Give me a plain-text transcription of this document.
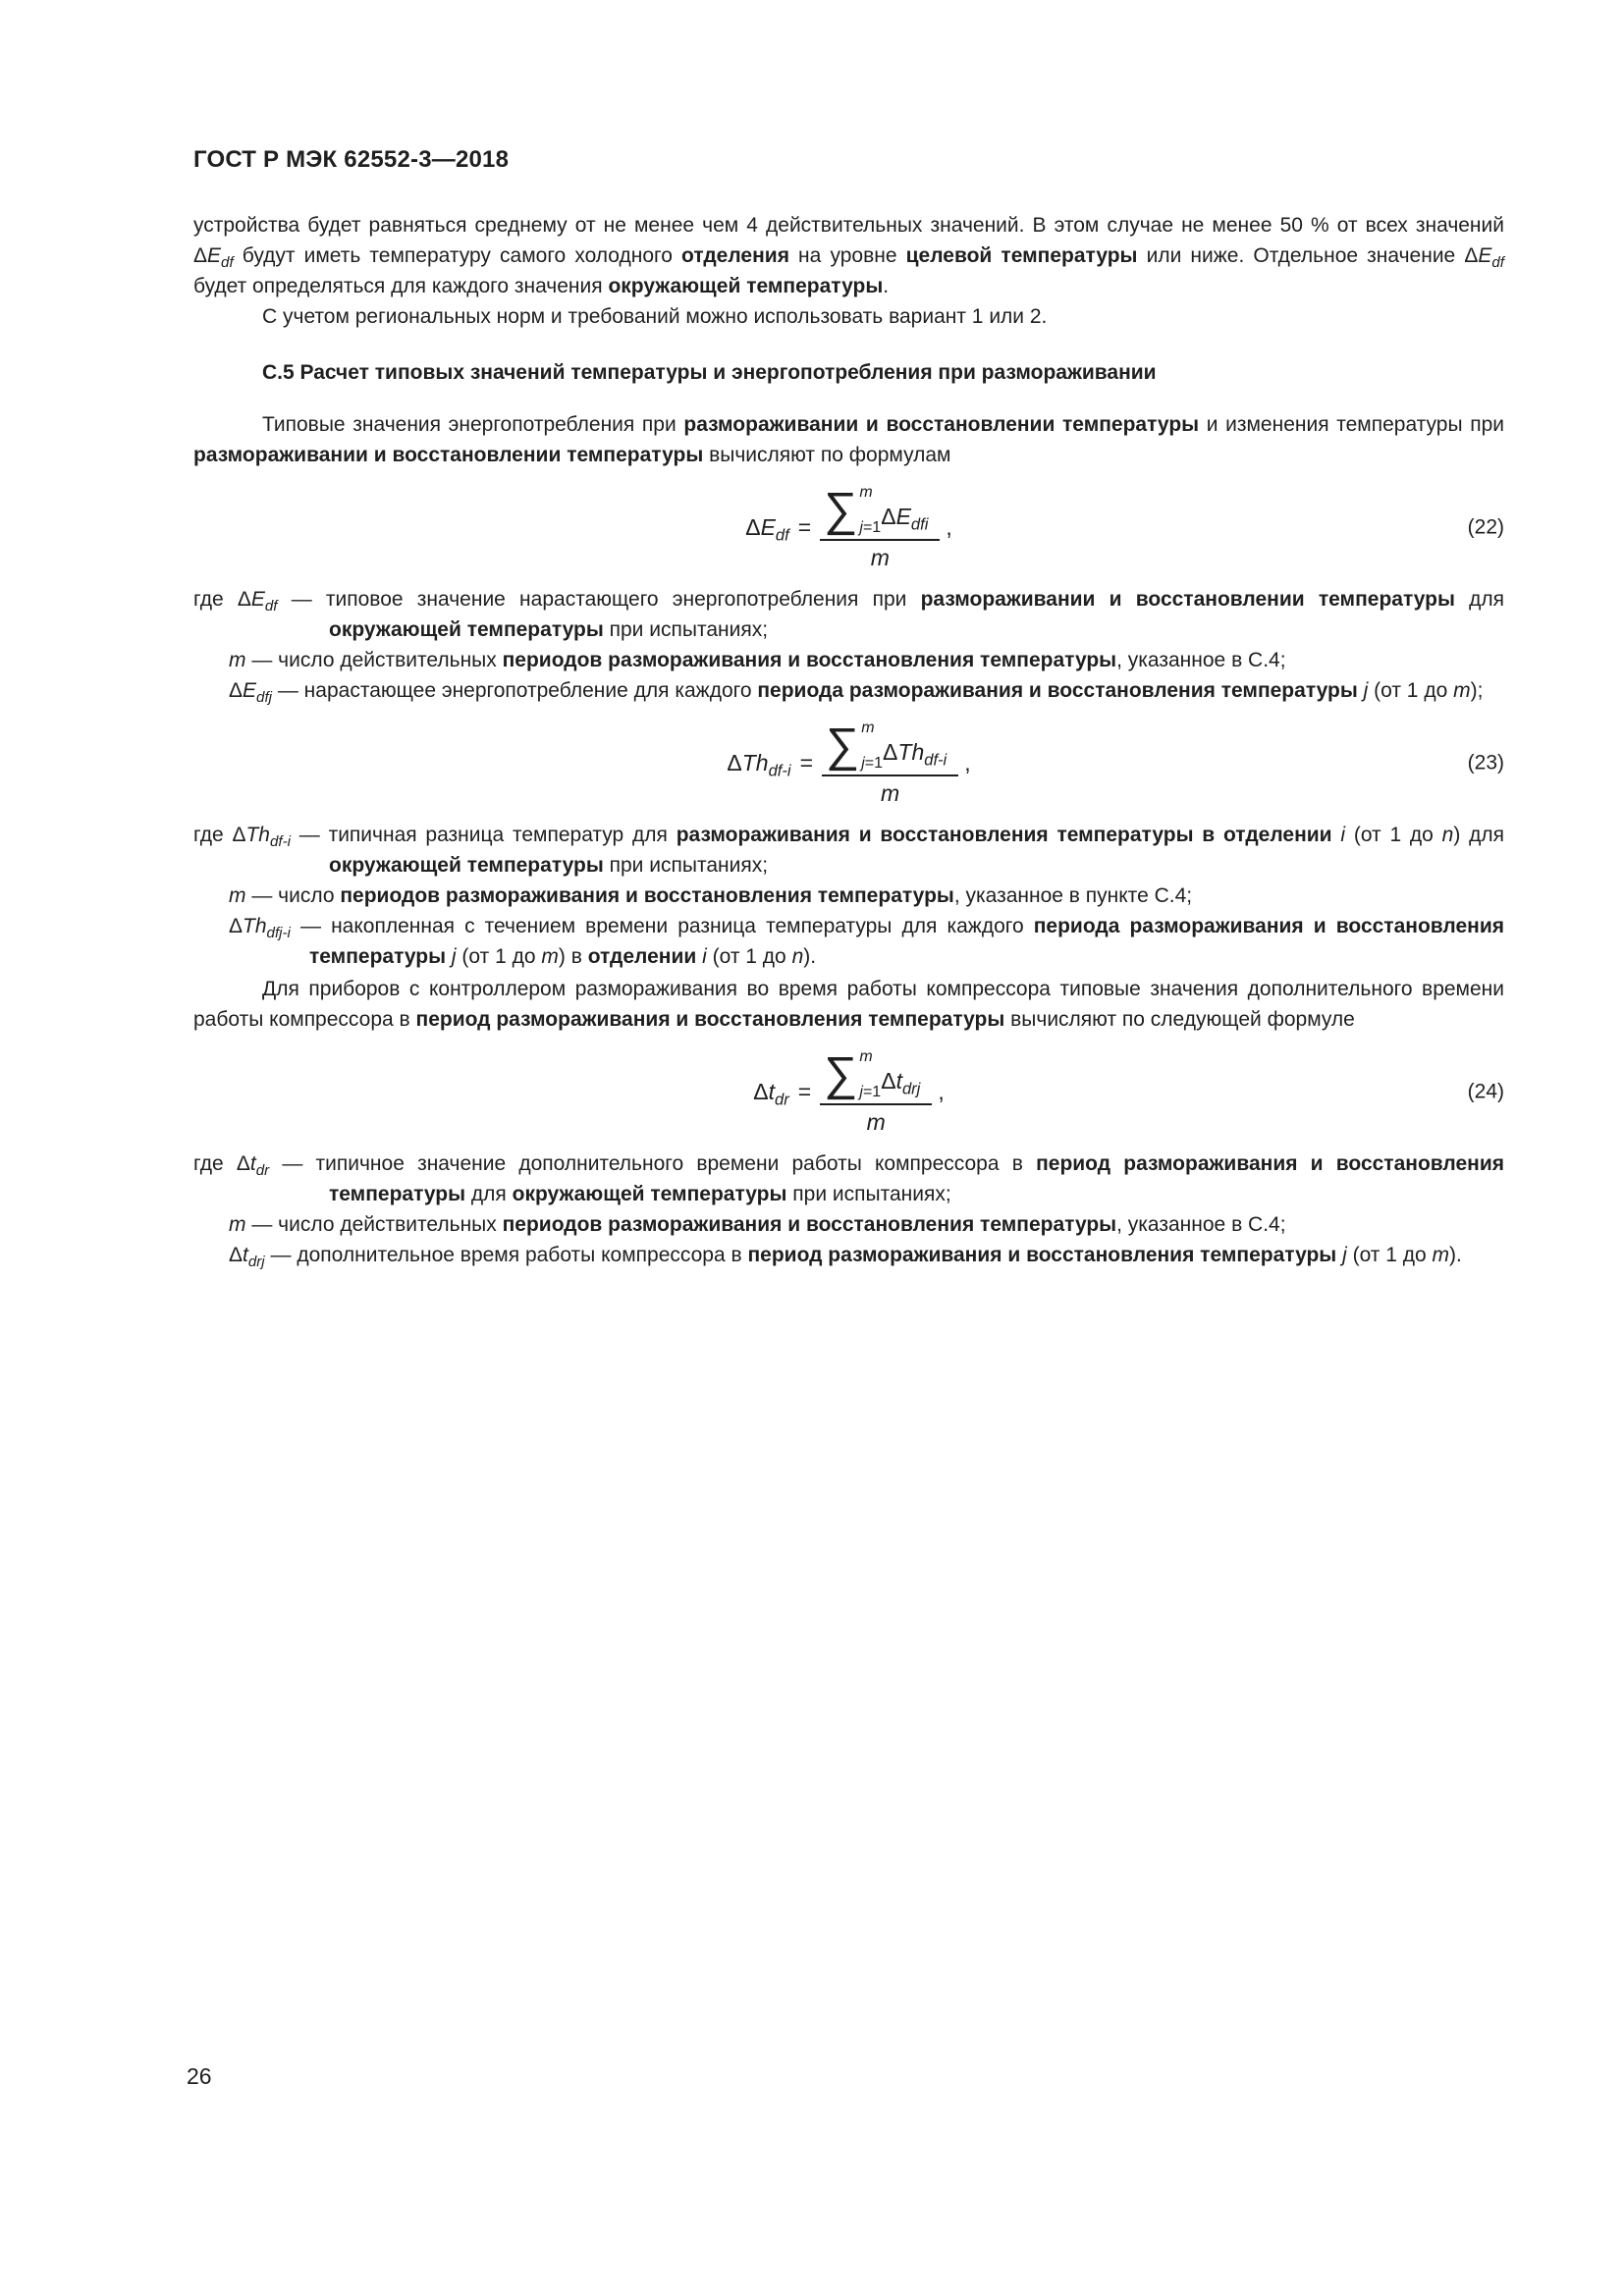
ГОСТ Р МЭК 62552-3—2018

устройства будет равняться среднему от не менее чем 4 действительных значений. В этом случае не менее 50 % от всех значений $\Delta E_{df}$ будут иметь температуру самого холодного отделения на уровне целевой температуры или ниже. Отдельное значение $\Delta E_{df}$ будет определяться для каждого значения окружающей температуры.

С учетом региональных норм и требований можно использовать вариант 1 или 2.

С.5 Расчет типовых значений температуры и энергопотребления при размораживании

Типовые значения энергопотребления при размораживании и восстановлении температуры и изменения температуры при размораживании и восстановлении температуры вычисляют по формулам

$\Delta E_{df}$ = ∑ m
j=1 $\Delta E_{dfi}$
m
,	(22)

где $\Delta E_{df}$ — типовое значение нарастающего энергопотребления при размораживании и восстановлении температуры для окружающей температуры при испытаниях;

m — число действительных периодов размораживания и восстановления температуры, указанное в С.4;

$\Delta E_{dfj}$ — нарастающее энергопотребление для каждого периода размораживания и восстановления температуры j (от 1 до m);

ΔTh$_{df-i}$ = ∑ m
j=1 ΔTh$_{df-i}$
m
,	(23)

где ΔTh$_{df-i}$ — типичная разница температур для размораживания и восстановления температуры в отделении i (от 1 до n) для окружающей температуры при испытаниях;

m — число периодов размораживания и восстановления температуры, указанное в пункте С.4;

ΔTh$_{dfj-i}$ — накопленная с течением времени разница температуры для каждого периода размораживания и восстановления температуры j (от 1 до m) в отделении i (от 1 до n).

Для приборов с контроллером размораживания во время работы компрессора типовые значения дополнительного времени работы компрессора в период размораживания и восстановления температуры вычисляют по следующей формуле

$\Delta t_{dr}$ = ∑ m
j=1 $\Delta t_{drj}$
m
,	(24)

где $\Delta t_{dr}$ — типичное значение дополнительного времени работы компрессора в период размораживания и восстановления температуры для окружающей температуры при испытаниях;

m — число действительных периодов размораживания и восстановления температуры, указанное в С.4;

$\Delta t_{drj}$ — дополнительное время работы компрессора в период размораживания и восстановления температуры j (от 1 до m).

26
